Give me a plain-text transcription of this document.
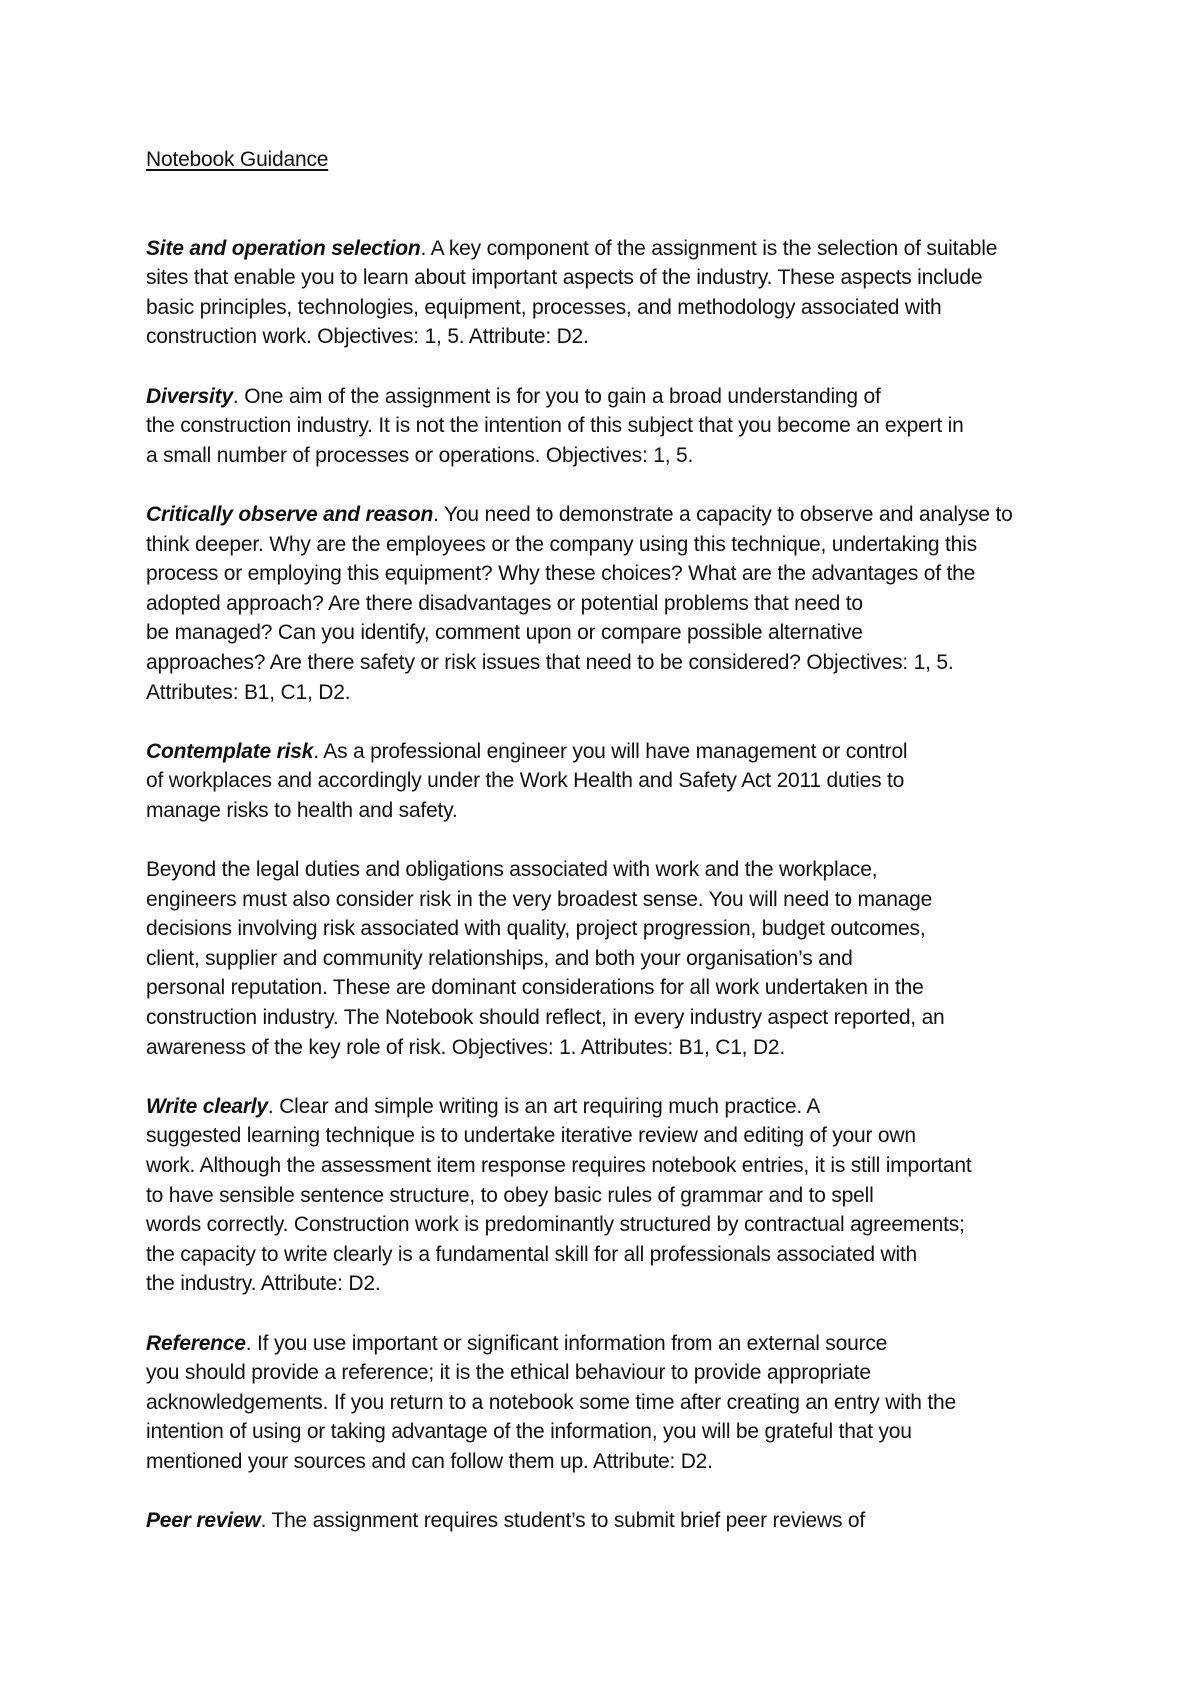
Notebook Guidance
Site and operation selection. A key component of the assignment is the selection of suitable
sites that enable you to learn about important aspects of the industry. These aspects include
basic principles, technologies, equipment, processes, and methodology associated with
construction work. Objectives: 1, 5. Attribute: D2.
Diversity. One aim of the assignment is for you to gain a broad understanding of
the construction industry. It is not the intention of this subject that you become an expert in
a small number of processes or operations. Objectives: 1, 5.
Critically observe and reason. You need to demonstrate a capacity to observe and analyse to
think deeper. Why are the employees or the company using this technique, undertaking this
process or employing this equipment? Why these choices? What are the advantages of the
adopted approach? Are there disadvantages or potential problems that need to
be managed? Can you identify, comment upon or compare possible alternative
approaches? Are there safety or risk issues that need to be considered? Objectives: 1, 5.
Attributes: B1, C1, D2.
Contemplate risk. As a professional engineer you will have management or control
of workplaces and accordingly under the Work Health and Safety Act 2011 duties to
manage risks to health and safety.
Beyond the legal duties and obligations associated with work and the workplace,
engineers must also consider risk in the very broadest sense. You will need to manage
decisions involving risk associated with quality, project progression, budget outcomes,
client, supplier and community relationships, and both your organisation’s and
personal reputation. These are dominant considerations for all work undertaken in the
construction industry. The Notebook should reflect, in every industry aspect reported, an
awareness of the key role of risk. Objectives: 1. Attributes: B1, C1, D2.
Write clearly. Clear and simple writing is an art requiring much practice. A
suggested learning technique is to undertake iterative review and editing of your own
work. Although the assessment item response requires notebook entries, it is still important
to have sensible sentence structure, to obey basic rules of grammar and to spell
words correctly. Construction work is predominantly structured by contractual agreements;
the capacity to write clearly is a fundamental skill for all professionals associated with
the industry. Attribute: D2.
Reference. If you use important or significant information from an external source
you should provide a reference; it is the ethical behaviour to provide appropriate
acknowledgements. If you return to a notebook some time after creating an entry with the
intention of using or taking advantage of the information, you will be grateful that you
mentioned your sources and can follow them up. Attribute: D2.
Peer review. The assignment requires student’s to submit brief peer reviews of
